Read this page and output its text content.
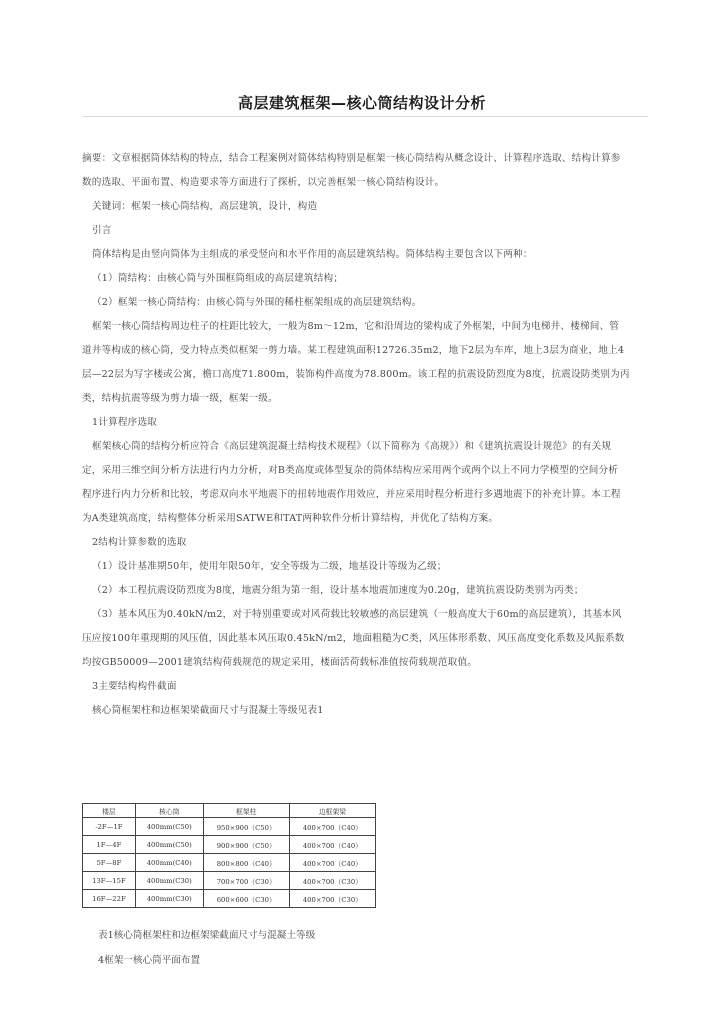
高层建筑框架—核心筒结构设计分析
摘要：文章根据筒体结构的特点，结合工程案例对简体结构特别是框架一核心筒结构从概念设计、计算程序选取、结构计算参
数的选取、平面布置、构造要求等方面进行了探析，以完善框架一核心筒结构设计。
关键词：框架一核心筒结构，高层建筑，设计，构造
引言
筒体结构是由竖向筒体为主组成的承受竖向和水平作用的高层建筑结构。筒体结构主要包含以下两种：
（1）筒结构：由核心筒与外围框筒组成的高层建筑结构；
（2）框架一核心筒结构：由核心筒与外围的稀柱框架组成的高层建筑结构。
框架一核心筒结构周边柱子的柱距比较大，一般为8m～12m，它和沿周边的梁构成了外框架，中间为电梯井、楼梯间、管
道井等构成的核心筒，受力特点类似框架一剪力墙。某工程建筑面积12726.35m2，地下2层为车库，地上3层为商业，地上4
层—22层为写字楼或公寓，檐口高度71.800m，装饰构件高度为78.800m。该工程的抗震设防烈度为8度，抗震设防类别为丙
类，结构抗震等级为剪力墙一级，框架一级。
1计算程序选取
框架核心筒的结构分析应符合《高层建筑混凝土结构技术规程》（以下简称为《高规》）和《建筑抗震设计规范》的有关规
定，采用三维空间分析方法进行内力分析，对B类高度或体型复杂的筒体结构应采用两个或两个以上不同力学模型的空间分析
程序进行内力分析和比较，考虑双向水平地震下的扭转地震作用效应，并应采用时程分析进行多遇地震下的补充计算。本工程
为A类建筑高度，结构整体分析采用SATWE和TAT两种软件分析计算结构，并优化了结构方案。
2结构计算参数的选取
（1）设计基准期50年，使用年限50年，安全等级为二级，地基设计等级为乙级；
（2）本工程抗震设防烈度为8度，地震分组为第一组，设计基本地震加速度为0.20g，建筑抗震设防类别为丙类；
（3）基本风压为0.40kN/m2，对于特别重要或对风荷载比较敏感的高层建筑（一般高度大于60m的高层建筑），其基本风
压应按100年重现期的风压值，因此基本风压取0.45kN/m2，地面粗糙为C类，风压体形系数、风压高度变化系数及风振系数
均按GB50009—2001建筑结构荷载规范的规定采用，楼面活荷载标准值按荷载规范取值。
3主要结构构件截面
核心筒框架柱和边框架梁截面尺寸与混凝土等级见表1
楼层	核心筒	框架柱	边框架梁
-2F—1F	400mm(C50)	950×900（C50）	400×700（C40）
1F—4F	400mm(C50)	900×900（C50）	400×700（C40）
5F—8F	400mm(C40)	800×800（C40）	400×700（C40）
13F—15F	400mm(C30)	700×700（C30）	400×700（C30）
16F—22F	400mm(C30)	600×600（C30）	400×700（C30）
表1核心筒框架柱和边框架梁截面尺寸与混凝土等级
4框架一核心筒平面布置
